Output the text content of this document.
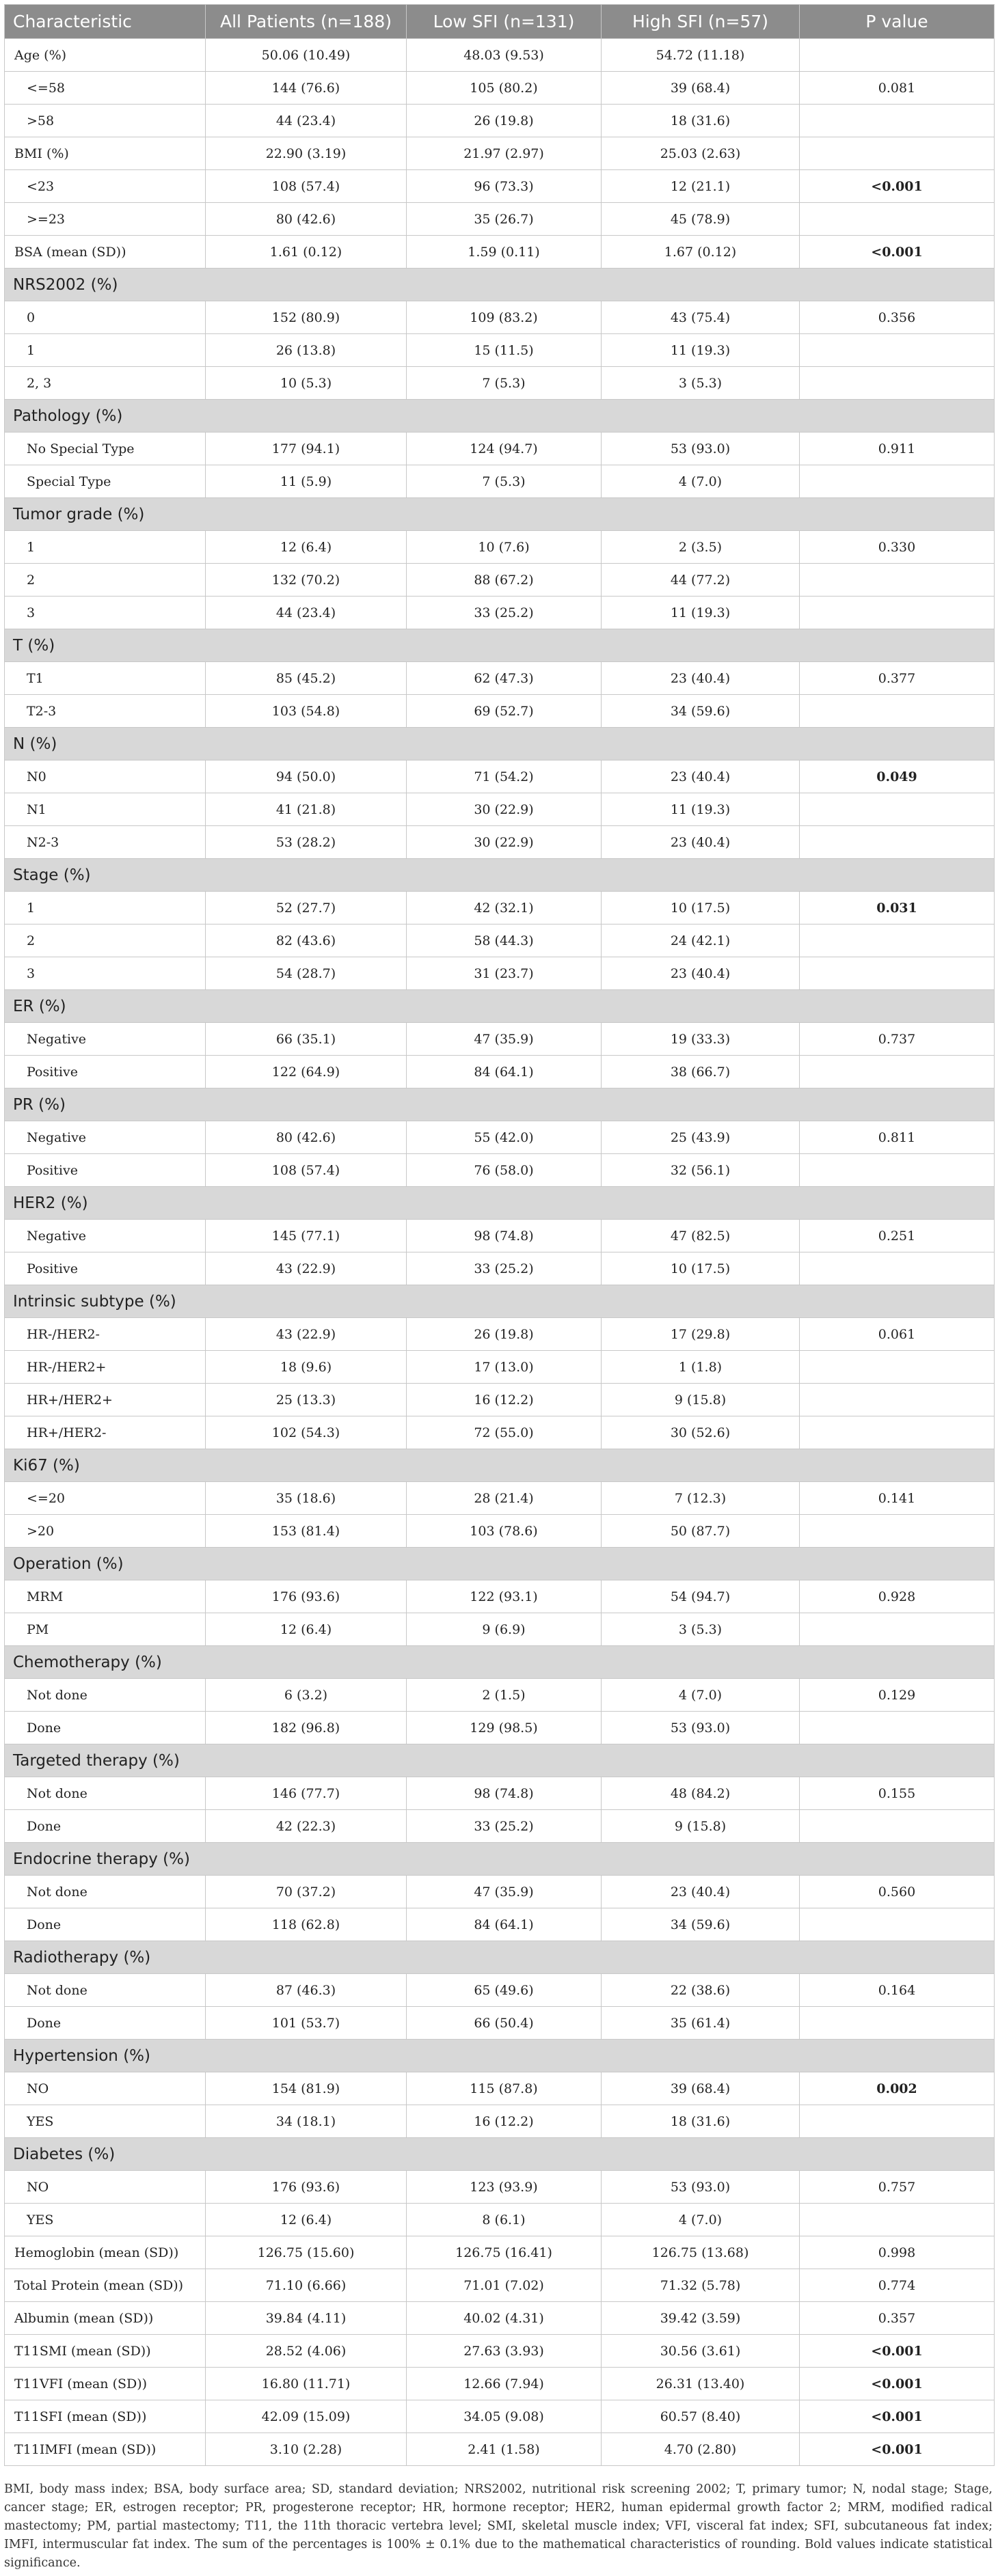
Characteristic	All Patients (n=188)	Low SFI (n=131)	High SFI (n=57)	P value
Age (%)	50.06 (10.49)	48.03 (9.53)	54.72 (11.18)	
<=58	144 (76.6)	105 (80.2)	39 (68.4)	0.081
>58	44 (23.4)	26 (19.8)	18 (31.6)	
BMI (%)	22.90 (3.19)	21.97 (2.97)	25.03 (2.63)	
<23	108 (57.4)	96 (73.3)	12 (21.1)	<0.001
>=23	80 (42.6)	35 (26.7)	45 (78.9)	
BSA (mean (SD))	1.61 (0.12)	1.59 (0.11)	1.67 (0.12)	<0.001
NRS2002 (%)				
0	152 (80.9)	109 (83.2)	43 (75.4)	0.356
1	26 (13.8)	15 (11.5)	11 (19.3)	
2, 3	10 (5.3)	7 (5.3)	3 (5.3)	
Pathology (%)				
No Special Type	177 (94.1)	124 (94.7)	53 (93.0)	0.911
Special Type	11 (5.9)	7 (5.3)	4 (7.0)	
Tumor grade (%)				
1	12 (6.4)	10 (7.6)	2 (3.5)	0.330
2	132 (70.2)	88 (67.2)	44 (77.2)	
3	44 (23.4)	33 (25.2)	11 (19.3)	
T (%)				
T1	85 (45.2)	62 (47.3)	23 (40.4)	0.377
T2-3	103 (54.8)	69 (52.7)	34 (59.6)	
N (%)				
N0	94 (50.0)	71 (54.2)	23 (40.4)	0.049
N1	41 (21.8)	30 (22.9)	11 (19.3)	
N2-3	53 (28.2)	30 (22.9)	23 (40.4)	
Stage (%)				
1	52 (27.7)	42 (32.1)	10 (17.5)	0.031
2	82 (43.6)	58 (44.3)	24 (42.1)	
3	54 (28.7)	31 (23.7)	23 (40.4)	
ER (%)				
Negative	66 (35.1)	47 (35.9)	19 (33.3)	0.737
Positive	122 (64.9)	84 (64.1)	38 (66.7)	
PR (%)				
Negative	80 (42.6)	55 (42.0)	25 (43.9)	0.811
Positive	108 (57.4)	76 (58.0)	32 (56.1)	
HER2 (%)				
Negative	145 (77.1)	98 (74.8)	47 (82.5)	0.251
Positive	43 (22.9)	33 (25.2)	10 (17.5)	
Intrinsic subtype (%)				
HR-/HER2-	43 (22.9)	26 (19.8)	17 (29.8)	0.061
HR-/HER2+	18 (9.6)	17 (13.0)	1 (1.8)	
HR+/HER2+	25 (13.3)	16 (12.2)	9 (15.8)	
HR+/HER2-	102 (54.3)	72 (55.0)	30 (52.6)	
Ki67 (%)				
<=20	35 (18.6)	28 (21.4)	7 (12.3)	0.141
>20	153 (81.4)	103 (78.6)	50 (87.7)	
Operation (%)				
MRM	176 (93.6)	122 (93.1)	54 (94.7)	0.928
PM	12 (6.4)	9 (6.9)	3 (5.3)	
Chemotherapy (%)				
Not done	6 (3.2)	2 (1.5)	4 (7.0)	0.129
Done	182 (96.8)	129 (98.5)	53 (93.0)	
Targeted therapy (%)				
Not done	146 (77.7)	98 (74.8)	48 (84.2)	0.155
Done	42 (22.3)	33 (25.2)	9 (15.8)	
Endocrine therapy (%)				
Not done	70 (37.2)	47 (35.9)	23 (40.4)	0.560
Done	118 (62.8)	84 (64.1)	34 (59.6)	
Radiotherapy (%)				
Not done	87 (46.3)	65 (49.6)	22 (38.6)	0.164
Done	101 (53.7)	66 (50.4)	35 (61.4)	
Hypertension (%)				
NO	154 (81.9)	115 (87.8)	39 (68.4)	0.002
YES	34 (18.1)	16 (12.2)	18 (31.6)	
Diabetes (%)				
NO	176 (93.6)	123 (93.9)	53 (93.0)	0.757
YES	12 (6.4)	8 (6.1)	4 (7.0)	
Hemoglobin (mean (SD))	126.75 (15.60)	126.75 (16.41)	126.75 (13.68)	0.998
Total Protein (mean (SD))	71.10 (6.66)	71.01 (7.02)	71.32 (5.78)	0.774
Albumin (mean (SD))	39.84 (4.11)	40.02 (4.31)	39.42 (3.59)	0.357
T11SMI (mean (SD))	28.52 (4.06)	27.63 (3.93)	30.56 (3.61)	<0.001
T11VFI (mean (SD))	16.80 (11.71)	12.66 (7.94)	26.31 (13.40)	<0.001
T11SFI (mean (SD))	42.09 (15.09)	34.05 (9.08)	60.57 (8.40)	<0.001
T11IMFI (mean (SD))	3.10 (2.28)	2.41 (1.58)	4.70 (2.80)	<0.001
BMI, body mass index; BSA, body surface area; SD, standard deviation; NRS2002, nutritional risk screening 2002; T, primary tumor; N, nodal stage; Stage, cancer stage; ER, estrogen receptor; PR, progesterone receptor; HR, hormone receptor; HER2, human epidermal growth factor 2; MRM, modified radical mastectomy; PM, partial mastectomy; T11, the 11th thoracic vertebra level; SMI, skeletal muscle index; VFI, visceral fat index; SFI, subcutaneous fat index; IMFI, intermuscular fat index. The sum of the percentages is 100% ± 0.1% due to the mathematical characteristics of rounding. Bold values indicate statistical significance.
